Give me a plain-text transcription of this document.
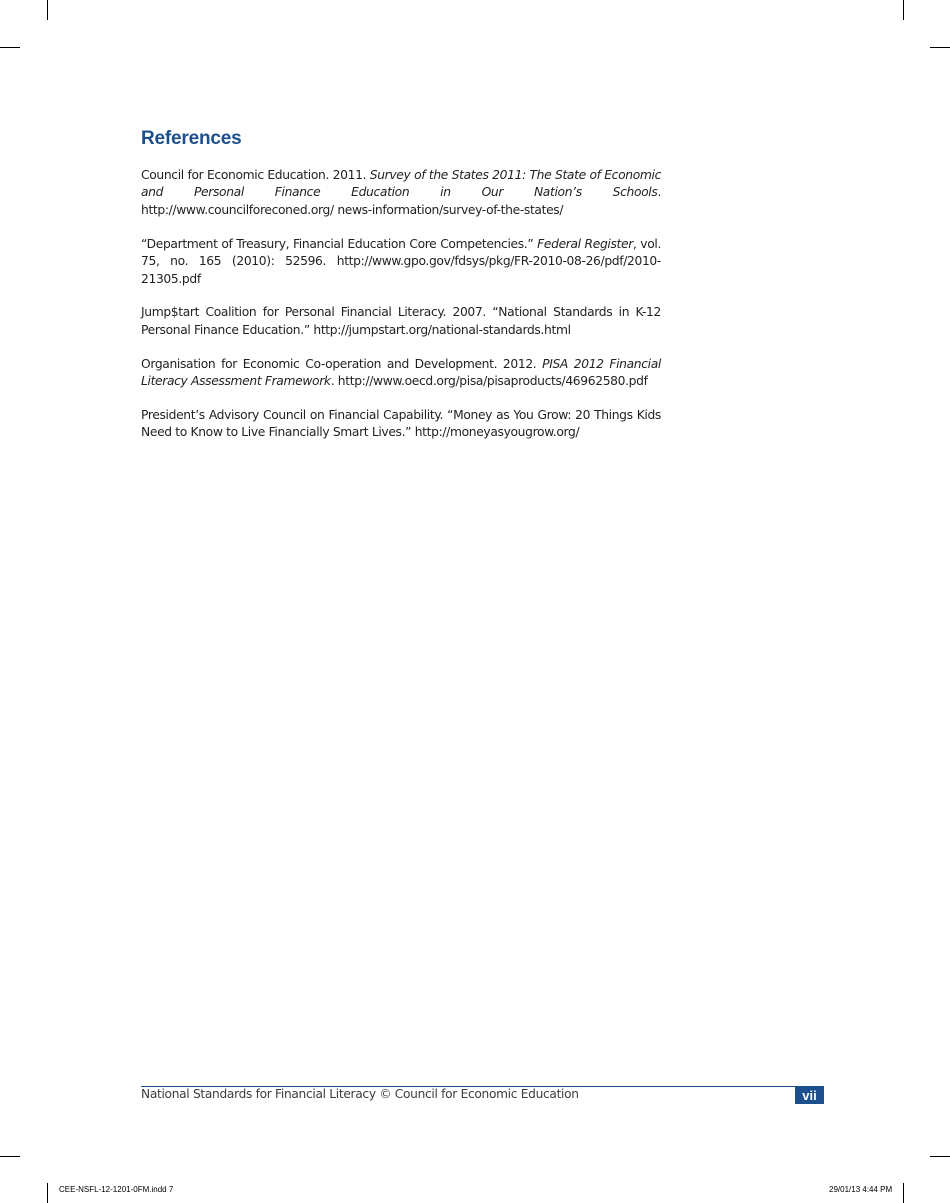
References

Council for Economic Education. 2011. Survey of the States 2011: The State of Economic and Personal Finance Education in Our Nation’s Schools. http://www.councilforeconed.org/ news-information/survey-of-the-states/

“Department of Treasury, Financial Education Core Competencies.” Federal Register, vol. 75, no. 165 (2010): 52596. http://www.gpo.gov/fdsys/pkg/FR-2010-08-26/pdf/2010-21305.pdf

Jump$tart Coalition for Personal Financial Literacy. 2007. “National Standards in K-12 Personal Finance Education.” http://jumpstart.org/national-standards.html

Organisation for Economic Co-operation and Development. 2012. PISA 2012 Financial Literacy Assessment Framework. http://www.oecd.org/pisa/pisaproducts/46962580.pdf

President’s Advisory Council on Financial Capability. “Money as You Grow: 20 Things Kids Need to Know to Live Financially Smart Lives.” http://moneyasyougrow.org/

National Standards for Financial Literacy © Council for Economic Education	vii
CEE-NSFL-12-1201-0FM.indd 7	29/01/13 4:44 PM
